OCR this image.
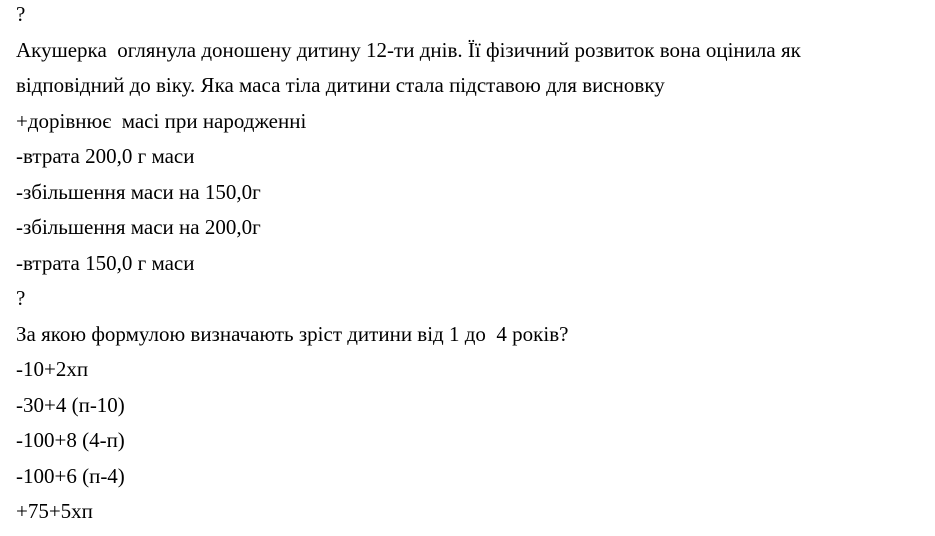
?
Акушерка  оглянула доношену дитину 12-ти днів. Її фізичний розвиток вона оцінила як
відповідний до віку. Яка маса тіла дитини стала підставою для висновку
+дорівнює  масі при народженні
-втрата 200,0 г маси
-збільшення маси на 150,0г
-збільшення маси на 200,0г
-втрата 150,0 г маси
?
За якою формулою визначають зріст дитини від 1 до  4 років?
-10+2хп
-30+4 (п-10)
-100+8 (4-п)
-100+6 (п-4)
+75+5хп
